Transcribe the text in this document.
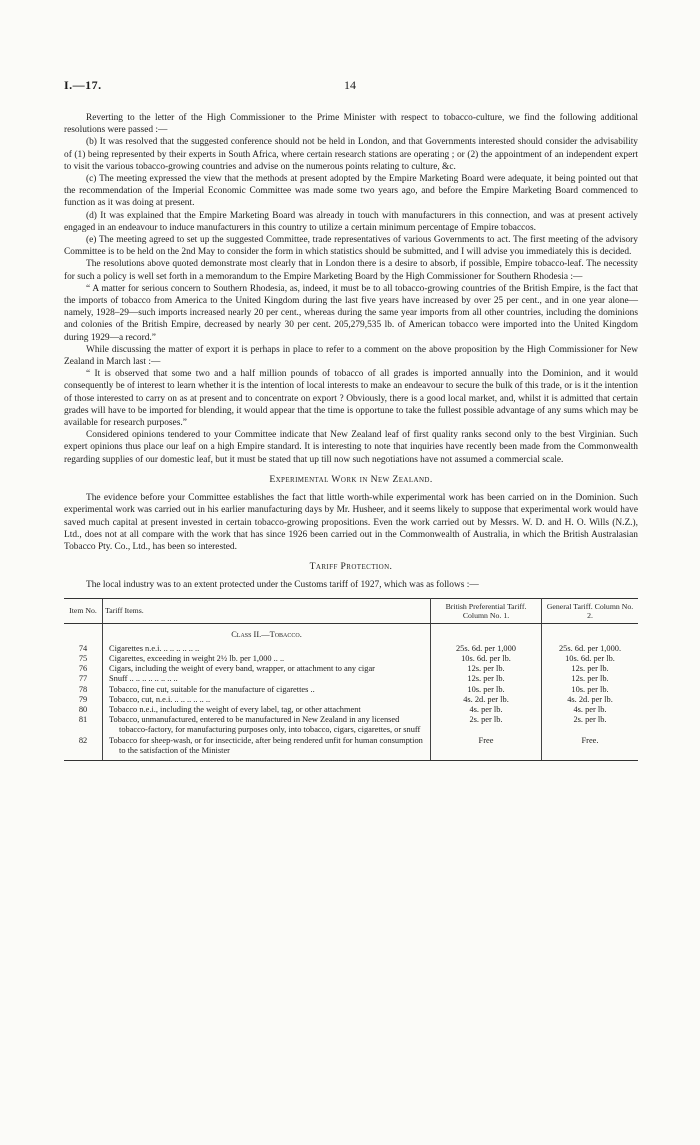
I.—17.	14

Reverting to the letter of the High Commissioner to the Prime Minister with respect to tobacco-culture, we find the following additional resolutions were passed :—

(b) It was resolved that the suggested conference should not be held in London, and that Governments interested should consider the advisability of (1) being represented by their experts in South Africa, where certain research stations are operating ; or (2) the appointment of an independent expert to visit the various tobacco-growing countries and advise on the numerous points relating to culture, &c.

(c) The meeting expressed the view that the methods at present adopted by the Empire Marketing Board were adequate, it being pointed out that the recommendation of the Imperial Economic Committee was made some two years ago, and before the Empire Marketing Board commenced to function as it was doing at present.

(d) It was explained that the Empire Marketing Board was already in touch with manufacturers in this connection, and was at present actively engaged in an endeavour to induce manufacturers in this country to utilize a certain minimum percentage of Empire tobaccos.

(e) The meeting agreed to set up the suggested Committee, trade representatives of various Governments to act. The first meeting of the advisory Committee is to be held on the 2nd May to consider the form in which statistics should be submitted, and I will advise you immediately this is decided.

The resolutions above quoted demonstrate most clearly that in London there is a desire to absorb, if possible, Empire tobacco-leaf. The necessity for such a policy is well set forth in a memorandum to the Empire Marketing Board by the High Commissioner for Southern Rhodesia :—

“ A matter for serious concern to Southern Rhodesia, as, indeed, it must be to all tobacco-growing countries of the British Empire, is the fact that the imports of tobacco from America to the United Kingdom during the last five years have increased by over 25 per cent., and in one year alone—namely, 1928–29—such imports increased nearly 20 per cent., whereas during the same year imports from all other countries, including the dominions and colonies of the British Empire, decreased by nearly 30 per cent. 205,279,535 lb. of American tobacco were imported into the United Kingdom during 1929—a record.”

While discussing the matter of export it is perhaps in place to refer to a comment on the above proposition by the High Commissioner for New Zealand in March last :—

“ It is observed that some two and a half million pounds of tobacco of all grades is imported annually into the Dominion, and it would consequently be of interest to learn whether it is the intention of local interests to make an endeavour to secure the bulk of this trade, or is it the intention of those interested to carry on as at present and to concentrate on export ? Obviously, there is a good local market, and, whilst it is admitted that certain grades will have to be imported for blending, it would appear that the time is opportune to take the fullest possible advantage of any sums which may be available for research purposes.”

Considered opinions tendered to your Committee indicate that New Zealand leaf of first quality ranks second only to the best Virginian. Such expert opinions thus place our leaf on a high Empire standard. It is interesting to note that inquiries have recently been made from the Commonwealth regarding supplies of our domestic leaf, but it must be stated that up till now such negotiations have not assumed a commercial scale.

Experimental Work in New Zealand.

The evidence before your Committee establishes the fact that little worth-while experimental work has been carried on in the Dominion. Such experimental work was carried out in his earlier manufacturing days by Mr. Husheer, and it seems likely to suppose that experimental work would have saved much capital at present invested in certain tobacco-growing propositions. Even the work carried out by Messrs. W. D. and H. O. Wills (N.Z.), Ltd., does not at all compare with the work that has since 1926 been carried out in the Commonwealth of Australia, in which the British Australasian Tobacco Pty. Co., Ltd., has been so interested.

Tariff Protection.

The local industry was to an extent protected under the Customs tariff of 1927, which was as follows :—

Item No.	Tariff Items.	British Preferential Tariff. Column No. 1.	General Tariff. Column No. 2.
	Class II.—Tobacco.		
74	Cigarettes n.e.i. .. .. .. .. .. ..	25s. 6d. per 1,000	25s. 6d. per 1,000.
75	Cigarettes, exceeding in weight 2½ lb. per 1,000 .. ..	10s. 6d. per lb.	10s. 6d. per lb.
76	Cigars, including the weight of every band, wrapper, or attachment to any cigar	12s. per lb.	12s. per lb.
77	Snuff .. .. .. .. .. .. .. ..	12s. per lb.	12s. per lb.
78	Tobacco, fine cut, suitable for the manufacture of cigarettes ..	10s. per lb.	10s. per lb.
79	Tobacco, cut, n.e.i. .. .. .. .. .. ..	4s. 2d. per lb.	4s. 2d. per lb.
80	Tobacco n.e.i., including the weight of every label, tag, or other attachment	4s. per lb.	4s. per lb.
81	Tobacco, unmanufactured, entered to be manufactured in New Zealand in any licensed tobacco-factory, for manufacturing purposes only, into tobacco, cigars, cigarettes, or snuff	2s. per lb.	2s. per lb.
82	Tobacco for sheep-wash, or for insecticide, after being rendered unfit for human consumption to the satisfaction of the Minister	Free	Free.
